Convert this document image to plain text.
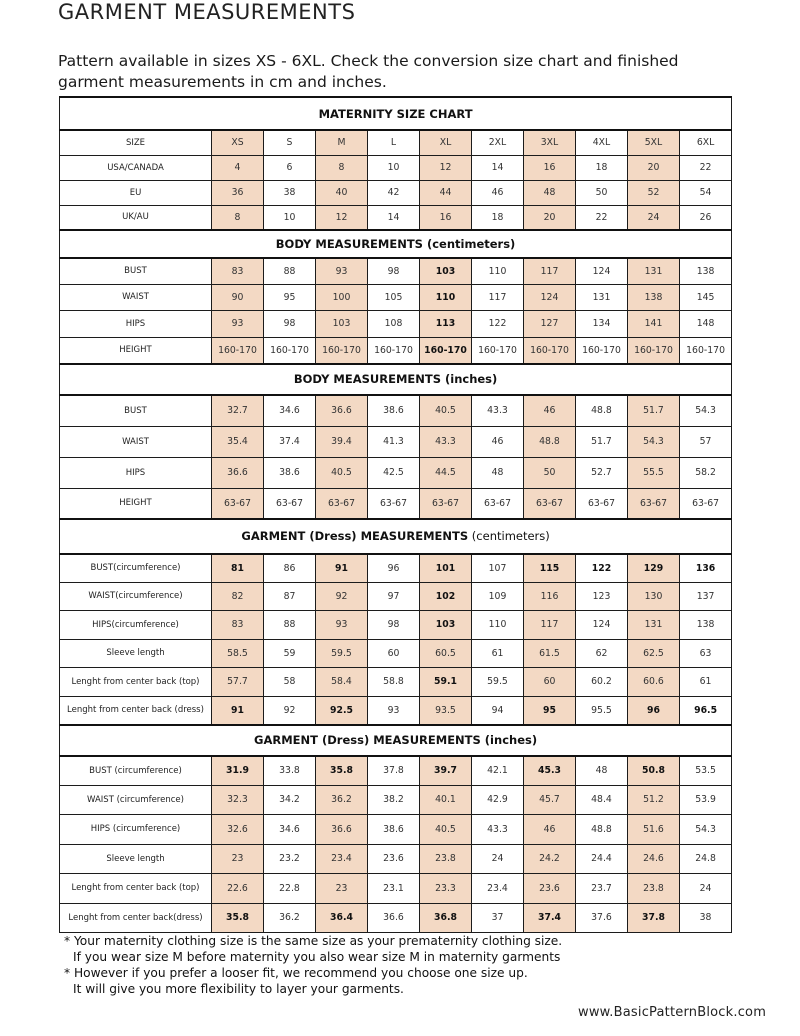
GARMENT MEASUREMENTS
Pattern available in sizes XS - 6XL. Check the conversion size chart and finished garment measurements in cm and inches.
MATERNITY SIZE CHART										
SIZE	XS	S	M	L	XL	2XL	3XL	4XL	5XL	6XL
USA/CANADA	4	6	8	10	12	14	16	18	20	22
EU	36	38	40	42	44	46	48	50	52	54
UK/AU	8	10	12	14	16	18	20	22	24	26
BODY MEASUREMENTS (centimeters)										
BUST	83	88	93	98	103	110	117	124	131	138
WAIST	90	95	100	105	110	117	124	131	138	145
HIPS	93	98	103	108	113	122	127	134	141	148
HEIGHT	160-170	160-170	160-170	160-170	160-170	160-170	160-170	160-170	160-170	160-170
BODY MEASUREMENTS (inches)										
BUST	32.7	34.6	36.6	38.6	40.5	43.3	46	48.8	51.7	54.3
WAIST	35.4	37.4	39.4	41.3	43.3	46	48.8	51.7	54.3	57
HIPS	36.6	38.6	40.5	42.5	44.5	48	50	52.7	55.5	58.2
HEIGHT	63-67	63-67	63-67	63-67	63-67	63-67	63-67	63-67	63-67	63-67
GARMENT (Dress) MEASUREMENTS (centimeters)										
BUST(circumference)	81	86	91	96	101	107	115	122	129	136
WAIST(circumference)	82	87	92	97	102	109	116	123	130	137
HIPS(circumference)	83	88	93	98	103	110	117	124	131	138
Sleeve length	58.5	59	59.5	60	60.5	61	61.5	62	62.5	63
Lenght from center back (top)	57.7	58	58.4	58.8	59.1	59.5	60	60.2	60.6	61
Lenght from center back (dress)	91	92	92.5	93	93.5	94	95	95.5	96	96.5
GARMENT (Dress) MEASUREMENTS (inches)										
BUST (circumference)	31.9	33.8	35.8	37.8	39.7	42.1	45.3	48	50.8	53.5
WAIST (circumference)	32.3	34.2	36.2	38.2	40.1	42.9	45.7	48.4	51.2	53.9
HIPS (circumference)	32.6	34.6	36.6	38.6	40.5	43.3	46	48.8	51.6	54.3
Sleeve length	23	23.2	23.4	23.6	23.8	24	24.2	24.4	24.6	24.8
Lenght from center back (top)	22.6	22.8	23	23.1	23.3	23.4	23.6	23.7	23.8	24
Lenght from center back(dress)	35.8	36.2	36.4	36.6	36.8	37	37.4	37.6	37.8	38

* Your maternity clothing size is the same size as your prematernity clothing size.

If you wear size M before maternity you also wear size M in maternity garments

* However if you prefer a looser fit, we recommend you choose one size up.

It will give you more flexibility to layer your garments.

www.BasicPatternBlock.com
